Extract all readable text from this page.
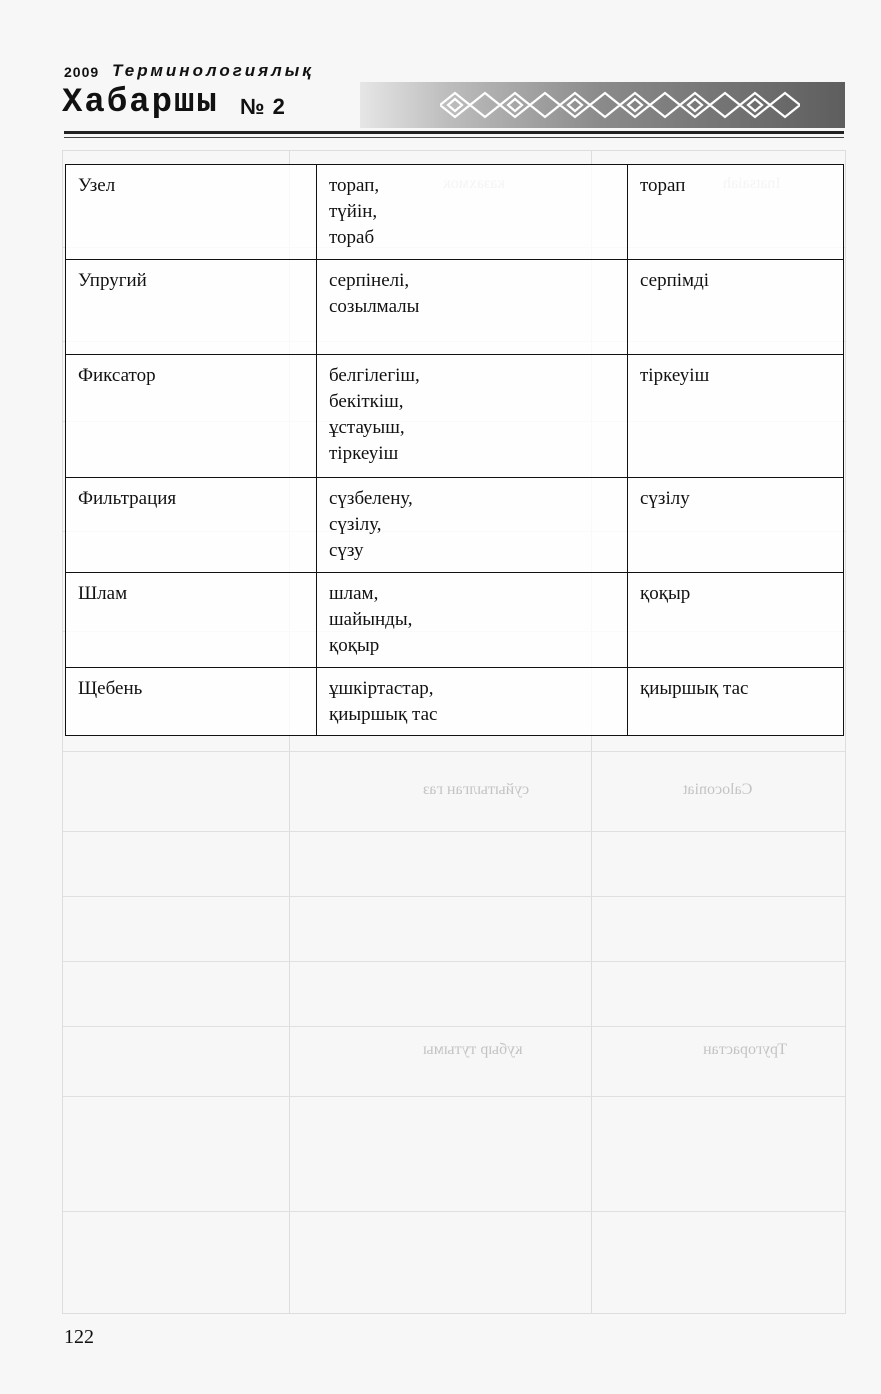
Caloconiat
суйытылган газ
Тругорастан
кубыр тутымы
2009 Терминологиялық
Хабаршы № 2
Узел	торап,
түйін,
тораб	торап
Упругий	серпінелі,
созылмалы	серпімді
Фиксатор	белгілегіш,
бекіткіш,
ұстауыш,
тіркеуіш	тіркеуіш
Фильтрация	сүзбелену,
сүзілу,
сүзу	сүзілу
Шлам	шлам,
шайынды,
қоқыр	қоқыр
Щебень	ұшкіртастар,
қиыршық тас	қиыршық тас
122
